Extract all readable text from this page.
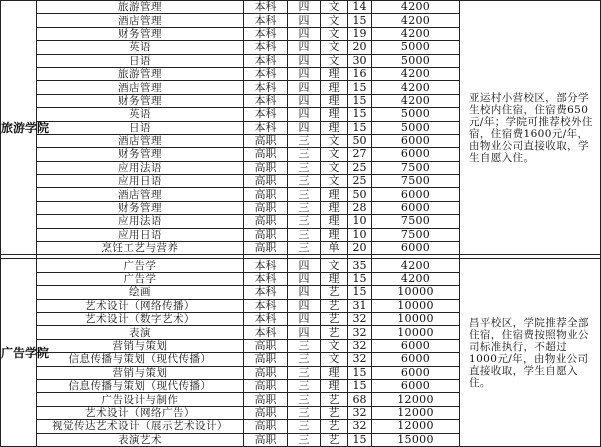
旅游学院	旅游管理	本科	四	文	14	4200	亚运村小营校区，部分学生校内住宿，住宿费650元/年；学院可推荐校外住宿，住宿费1600元/年，由物业公司直接收取，学生自愿入住。
	酒店管理	本科	四	文	15	4200	
	财务管理	本科	四	文	19	4200	
	英语	本科	四	文	20	5000	
	日语	本科	四	文	30	5000	
	旅游管理	本科	四	理	16	4200	
	酒店管理	本科	四	理	15	4200	
	财务管理	本科	四	理	15	4200	
	英语	本科	四	理	15	5000	
	日语	本科	四	理	15	5000	
	酒店管理	高职	三	文	50	6000	
	财务管理	高职	三	文	27	6000	
	应用法语	高职	三	文	25	7500	
	应用日语	高职	三	文	25	7500	
	酒店管理	高职	三	理	50	6000	
	财务管理	高职	三	理	28	6000	
	应用法语	高职	三	理	10	7500	
	应用日语	高职	三	理	10	7500	
	烹饪工艺与营养	高职	三	单	20	6000	

广告学院	广告学	本科	四	文	35	4200	昌平校区，学院推荐全部住宿，住宿费按照物业公司标准执行，不超过1000元/年，由物业公司直接收取，学生自愿入住。
	广告学	本科	四	理	15	4200	
	绘画	本科	四	艺	15	10000	
	艺术设计（网络传播）	本科	四	艺	31	10000	
	艺术设计（数字艺术）	本科	四	艺	32	10000	
	表演	本科	四	艺	32	10000	
	营销与策划	高职	三	文	32	6000	
	信息传播与策划（现代传播）	高职	三	文	32	6000	
	营销与策划	高职	三	理	15	6000	
	信息传播与策划（现代传播）	高职	三	理	15	6000	
	广告设计与制作	高职	三	艺	68	12000	
	艺术设计（网络广告）	高职	三	艺	32	12000	
	视觉传达艺术设计（展示艺术设计）	高职	三	艺	32	12000	
	表演艺术	高职	三	艺	15	15000	
